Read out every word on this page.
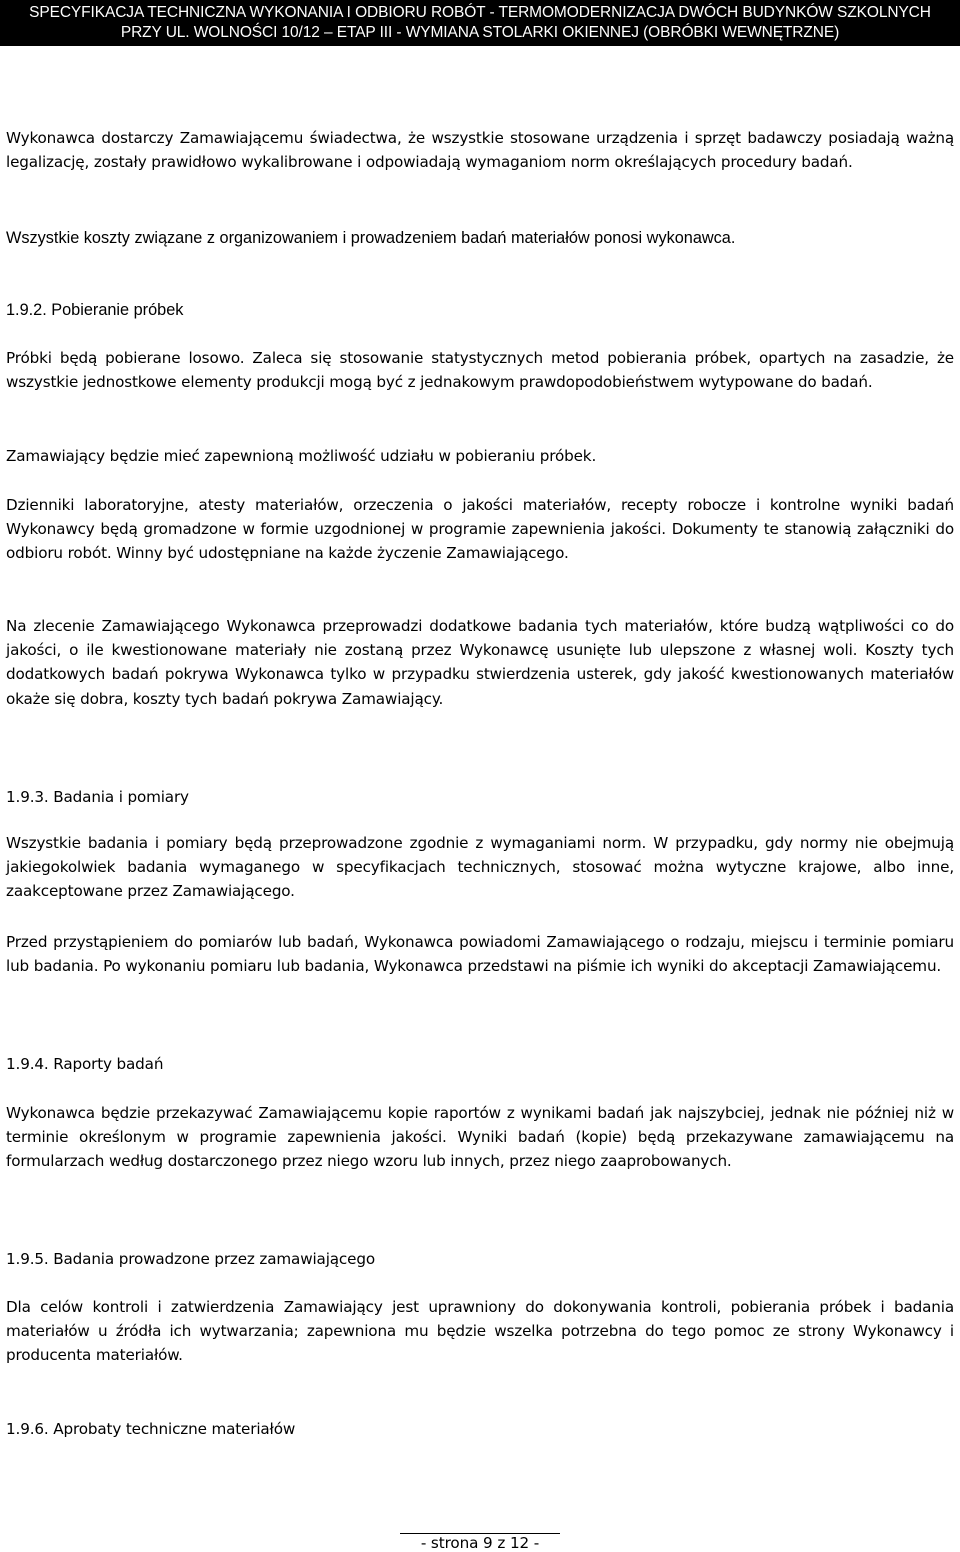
SPECYFIKACJA TECHNICZNA WYKONANIA I ODBIORU ROBÓT - TERMOMODERNIZACJA DWÓCH BUDYNKÓW SZKOLNYCH
PRZY UL. WOLNOŚCI 10/12 – ETAP III - WYMIANA STOLARKI OKIENNEJ (OBRÓBKI WEWNĘTRZNE)

Wykonawca dostarczy Zamawiającemu świadectwa, że wszystkie stosowane urządzenia i sprzęt badawczy posiadają ważną legalizację, zostały prawidłowo wykalibrowane i odpowiadają wymaganiom norm określających procedury badań.

Wszystkie koszty związane z organizowaniem i prowadzeniem badań materiałów ponosi wykonawca.

1.9.2. Pobieranie próbek

Próbki będą pobierane losowo. Zaleca się stosowanie statystycznych metod pobierania próbek, opartych na zasadzie, że wszystkie jednostkowe elementy produkcji mogą być z jednakowym prawdopodobieństwem wytypowane do badań.

Zamawiający będzie mieć zapewnioną możliwość udziału w pobieraniu próbek.

Dzienniki laboratoryjne, atesty materiałów, orzeczenia o jakości materiałów, recepty robocze i kontrolne wyniki badań Wykonawcy będą gromadzone w formie uzgodnionej w programie zapewnienia jakości. Dokumenty te stanowią załączniki do odbioru robót. Winny być udostępniane na każde życzenie Zamawiającego.

Na zlecenie Zamawiającego Wykonawca przeprowadzi dodatkowe badania tych materiałów, które budzą wątpliwości co do jakości, o ile kwestionowane materiały nie zostaną przez Wykonawcę usunięte lub ulepszone z własnej woli. Koszty tych dodatkowych badań pokrywa Wykonawca tylko w przypadku stwierdzenia usterek, gdy jakość kwestionowanych materiałów okaże się dobra, koszty tych badań pokrywa Zamawiający.

1.9.3. Badania i pomiary

Wszystkie badania i pomiary będą przeprowadzone zgodnie z wymaganiami norm. W przypadku, gdy normy nie obejmują jakiegokolwiek badania wymaganego w specyfikacjach technicznych, stosować można wytyczne krajowe, albo inne, zaakceptowane przez Zamawiającego.

Przed przystąpieniem do pomiarów lub badań, Wykonawca powiadomi Zamawiającego o rodzaju, miejscu i terminie pomiaru lub badania. Po wykonaniu pomiaru lub badania, Wykonawca przedstawi na piśmie ich wyniki do akceptacji Zamawiającemu.

1.9.4. Raporty badań

Wykonawca będzie przekazywać Zamawiającemu kopie raportów z wynikami badań jak najszybciej, jednak nie później niż w terminie określonym w programie zapewnienia jakości. Wyniki badań (kopie) będą przekazywane zamawiającemu na formularzach według dostarczonego przez niego wzoru lub innych, przez niego zaaprobowanych.

1.9.5. Badania prowadzone przez zamawiającego

Dla celów kontroli i zatwierdzenia Zamawiający jest uprawniony do dokonywania kontroli, pobierania próbek i badania materiałów u źródła ich wytwarzania; zapewniona mu będzie wszelka potrzebna do tego pomoc ze strony Wykonawcy i producenta materiałów.

1.9.6. Aprobaty techniczne materiałów
- strona 9 z 12 -
